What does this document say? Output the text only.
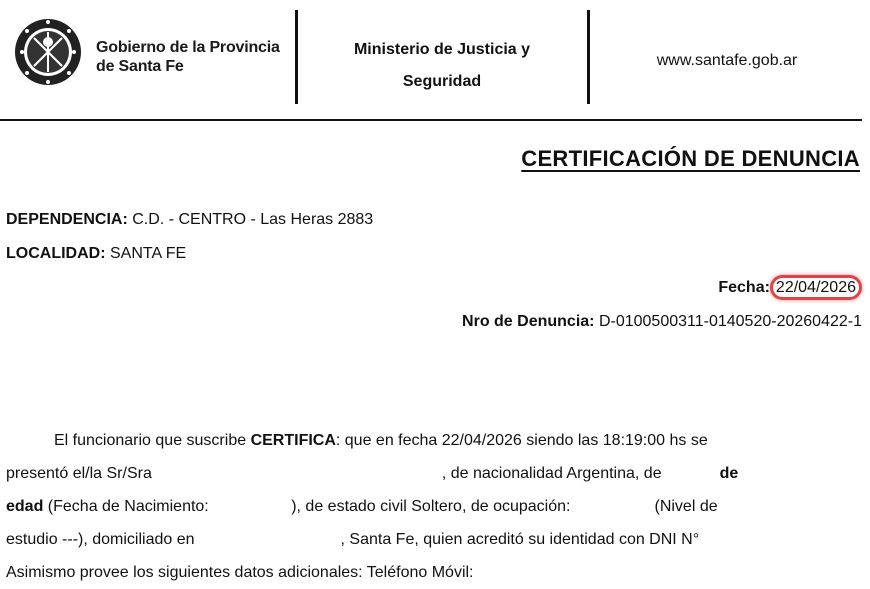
Gobierno de la Provincia
de Santa Fe
Ministerio de Justicia y
Seguridad
www.santafe.gob.ar
CERTIFICACIÓN DE DENUNCIA
DEPENDENCIA: C.D. - CENTRO - Las Heras 2883
LOCALIDAD: SANTA FE
Fecha: 22/04/2026
Nro de Denuncia: D-0100500311-0140520-20260422-1
El funcionario que suscribe CERTIFICA: que en fecha 22/04/2026 siendo las 18:19:00 hs se
presentó el/la Sr/Sra	, de nacionalidad Argentina, de	de
edad (Fecha de Nacimiento:	), de estado civil Soltero, de ocupación:	(Nivel de
estudio ---), domiciliado en	, Santa Fe, quien acreditó su identidad con DNI N°
Asimismo provee los siguientes datos adicionales: Teléfono Móvil:
